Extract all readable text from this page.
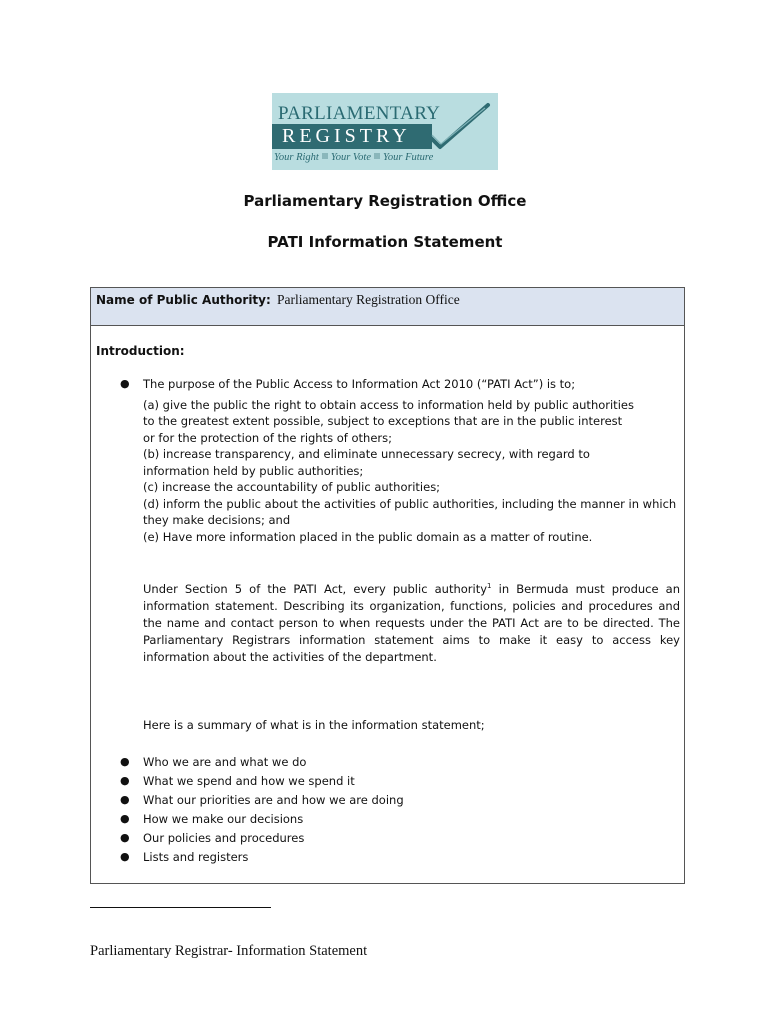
PARLIAMENTARY
REGISTRY
Your Right Your Vote Your Future
Parliamentary Registration Office
PATI Information Statement
Name of Public Authority: Parliamentary Registration Office
Introduction:
● The purpose of the Public Access to Information Act 2010 (“PATI Act”) is to;
(a) give the public the right to obtain access to information held by public authorities
to the greatest extent possible, subject to exceptions that are in the public interest
or for the protection of the rights of others;
(b) increase transparency, and eliminate unnecessary secrecy, with regard to
information held by public authorities;
(c) increase the accountability of public authorities;
(d) inform the public about the activities of public authorities, including the manner in which
they make decisions; and
(e) Have more information placed in the public domain as a matter of routine.
Under Section 5 of the PATI Act, every public authority$^1$ in Bermuda must produce an information statement. Describing its organization, functions, policies and procedures and the name and contact person to when requests under the PATI Act are to be directed. The Parliamentary Registrars information statement aims to make it easy to access key information about the activities of the department.
Here is a summary of what is in the information statement;
● Who we are and what we do
● What we spend and how we spend it
● What our priorities are and how we are doing
● How we make our decisions
● Our policies and procedures
● Lists and registers
Parliamentary Registrar- Information Statement
